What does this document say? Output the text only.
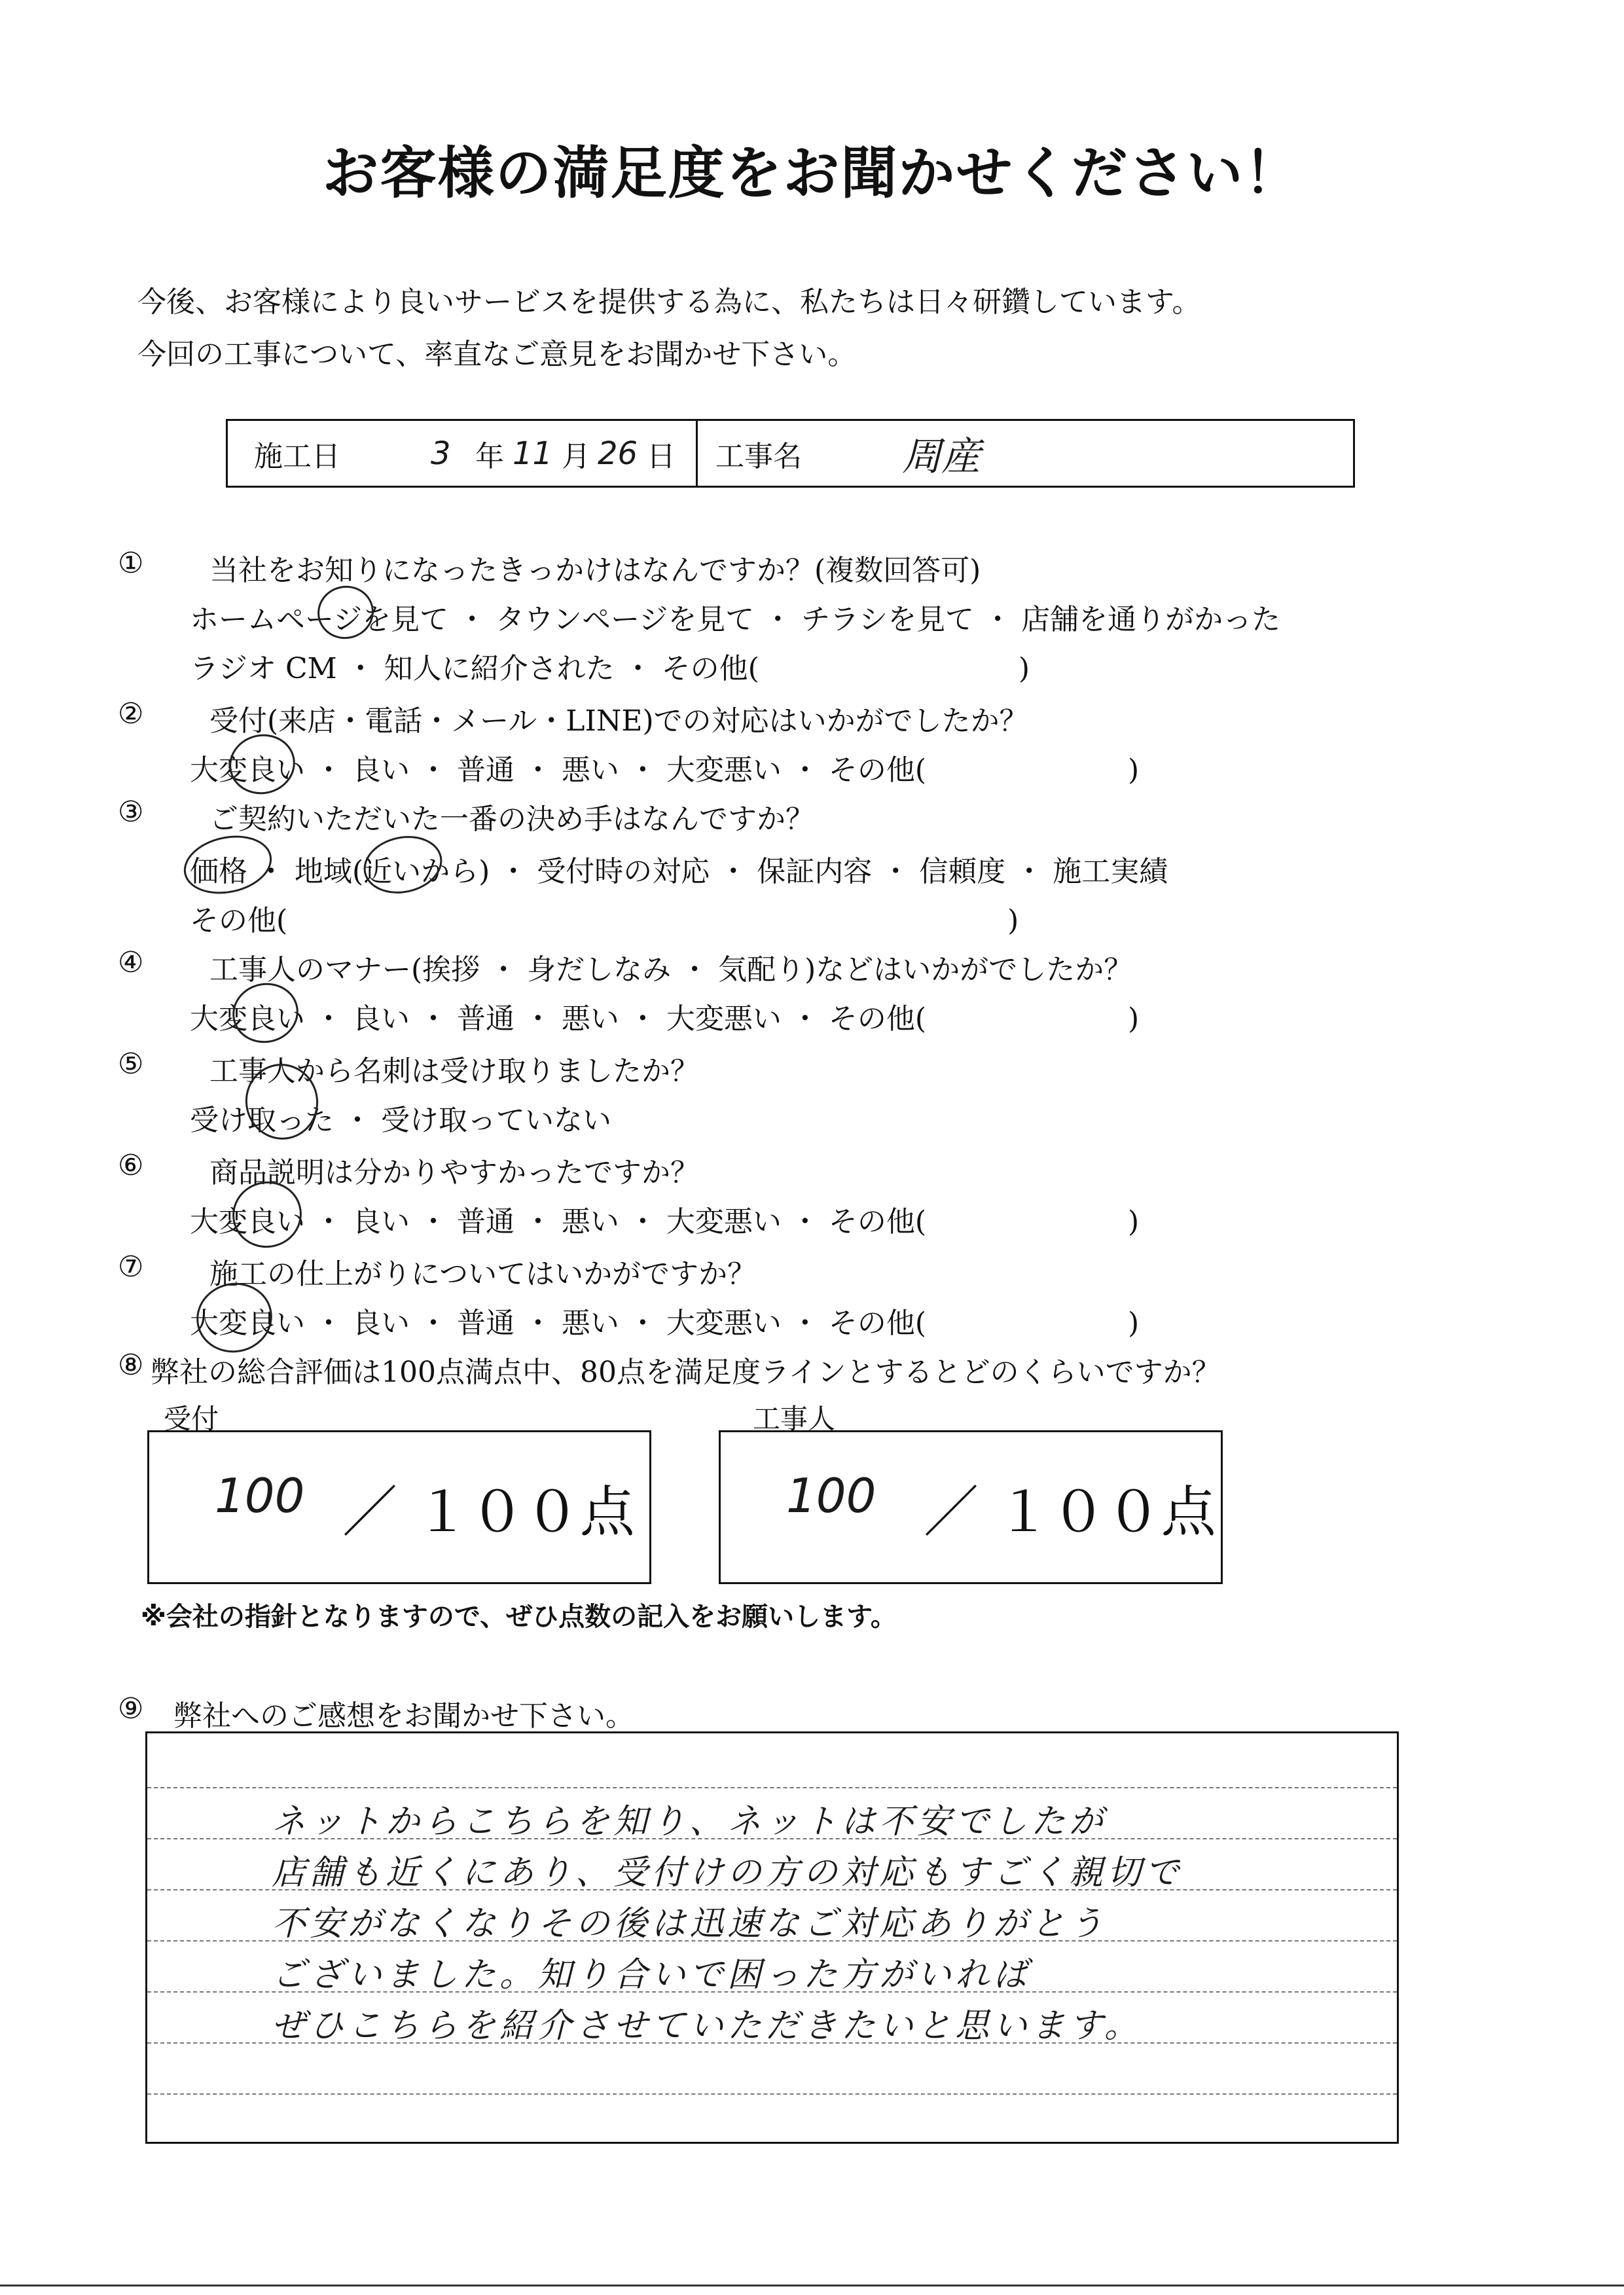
お客様の満足度をお聞かせください！
今後、お客様により良いサービスを提供する為に、私たちは日々研鑽しています。
今回の工事について、率直なご意見をお聞かせ下さい。
施工日	3 年 11 月 26 日 工事名	周産
① 当社をお知りになったきっかけはなんですか？(複数回答可)
ホームページを見て ・ タウンページを見て ・ チラシを見て ・ 店舗を通りがかった
ラジオ CM ・ 知人に紹介された ・ その他(　　　　　　　　　)
② 受付(来店・電話・メール・LINE)での対応はいかがでしたか？
大変良い ・ 良い ・ 普通 ・ 悪い ・ 大変悪い ・ その他(　　　　　　　)
③ ご契約いただいた一番の決め手はなんですか？
価格 ・ 地域(近いから) ・ 受付時の対応 ・ 保証内容 ・ 信頼度 ・ 施工実績
その他(　　　　　　　　　　　　　　　　　　　　　　　　　)
④ 工事人のマナー(挨拶 ・ 身だしなみ ・ 気配り)などはいかがでしたか？
大変良い ・ 良い ・ 普通 ・ 悪い ・ 大変悪い ・ その他(　　　　　　　)
⑤ 工事人から名刺は受け取りましたか？
受け取った ・ 受け取っていない
⑥ 商品説明は分かりやすかったですか？
大変良い ・ 良い ・ 普通 ・ 悪い ・ 大変悪い ・ その他(　　　　　　　)
⑦ 施工の仕上がりについてはいかがですか？
大変良い ・ 良い ・ 普通 ・ 悪い ・ 大変悪い ・ その他(　　　　　　　)
⑧ 弊社の総合評価は100点満点中、80点を満足度ラインとするとどのくらいですか？
受付
100 ／ １００点
工事人
100 ／ １００点
※会社の指針となりますので、ぜひ点数の記入をお願いします。
⑨ 弊社へのご感想をお聞かせ下さい。
ネットからこちらを知り、ネットは不安でしたが
店舗も近くにあり、受付けの方の対応もすごく親切で
不安がなくなりその後は迅速なご対応ありがとう
ございました。知り合いで困った方がいれば
ぜひこちらを紹介させていただきたいと思います。
